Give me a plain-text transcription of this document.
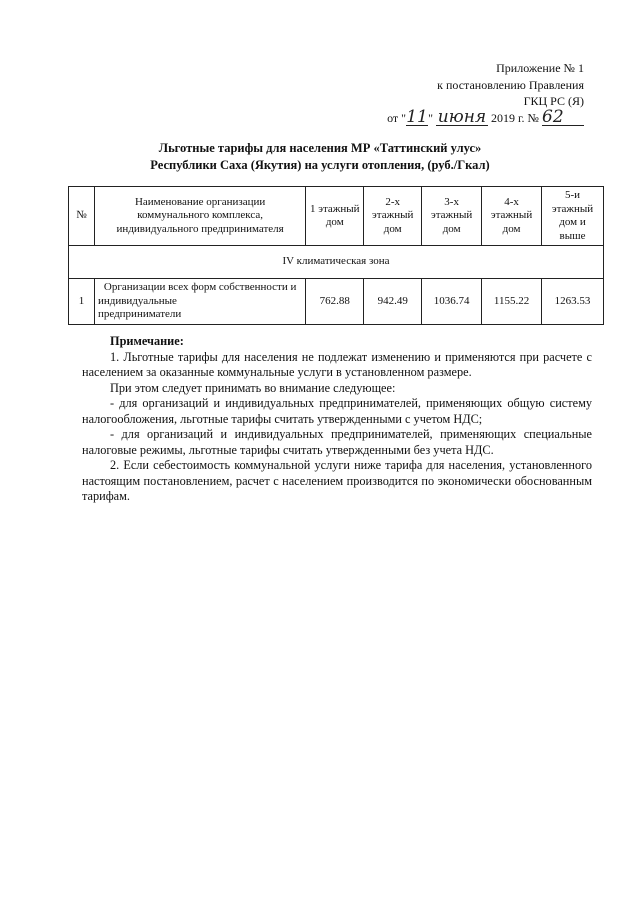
Приложение № 1
к постановлению Правления
ГКЦ РС (Я)
от "11" июня 2019 г. № 62
Льготные тарифы для населения МР «Таттинский улус»
Республики Саха (Якутия) на услуги отопления, (руб./Гкал)
№	Наименование организации коммунального комплекса, индивидуального предпринимателя	1 этажный дом	2-х этажный дом	3-х этажный дом	4-х этажный дом	5-и этажный дом и выше
IV климатическая зона						
1	Организации всех форм собственности и индивидуальные
предприниматели	762.88	942.49	1036.74	1155.22	1263.53

Примечание:

1. Льготные тарифы для населения не подлежат изменению и применяются при расчете с населением за оказанные коммунальные услуги в установленном размере.

При этом следует принимать во внимание следующее:

- для организаций и индивидуальных предпринимателей, применяющих общую систему налогообложения, льготные тарифы считать утвержденными с учетом НДС;

- для организаций и индивидуальных предпринимателей, применяющих специальные налоговые режимы, льготные тарифы считать утвержденными без учета НДС.

2. Если себестоимость коммунальной услуги ниже тарифа для населения, установленного настоящим постановлением, расчет с населением производится по экономически обоснованным тарифам.
